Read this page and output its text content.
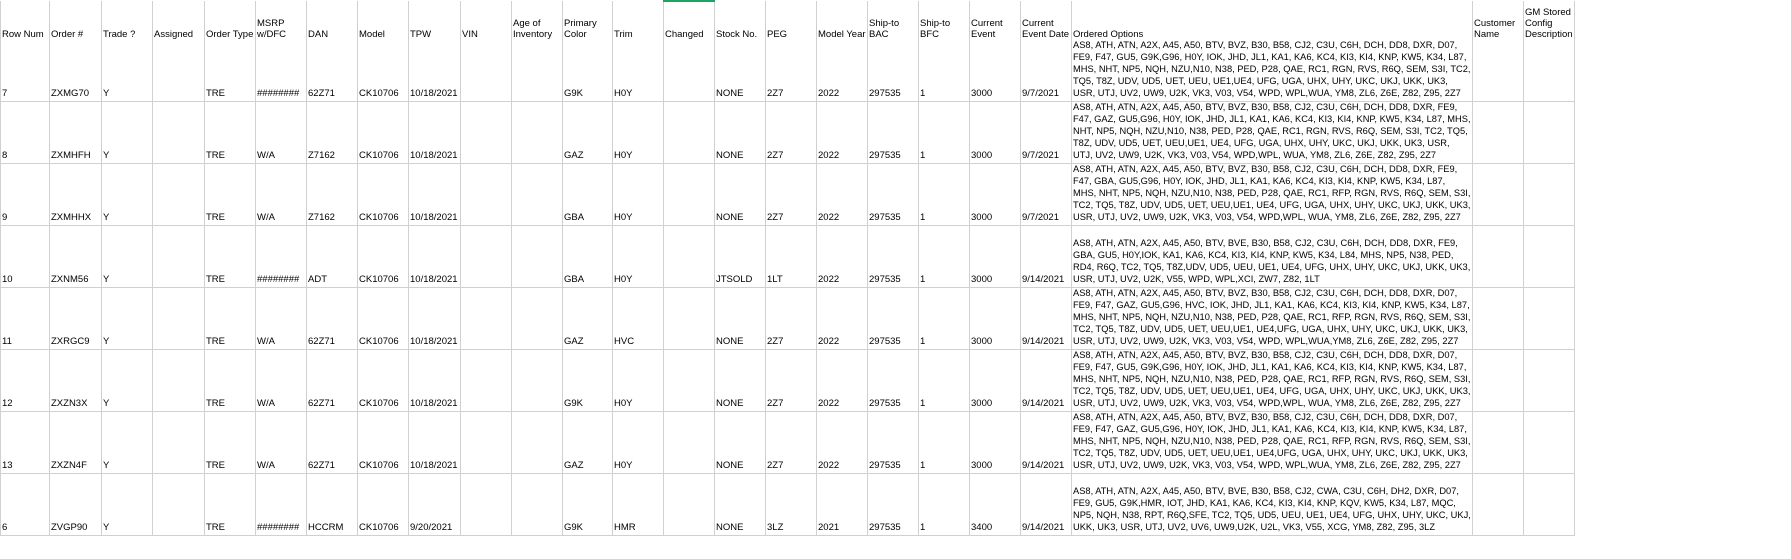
Row Num	Order #	Trade ?	Assigned	Order Type	MSRP w/DFC	DAN	Model	TPW	VIN	Age of Inventory	Primary Color	Trim	Changed	Stock No.	PEG	Model Year	Ship-to BAC	Ship-to BFC	Current Event	Current Event Date	Ordered Options	Customer Name	GM Stored Config Description
7	ZXMG70	Y		TRE	########	62Z71	CK10706	10/18/2021			G9K	H0Y		NONE	2Z7	2022	297535	1	3000	9/7/2021	AS8, ATH, ATN, A2X, A45, A50, BTV, BVZ, B30, B58, CJ2, C3U, C6H, DCH, DD8, DXR, D07, FE9, F47, GU5, G9K,G96, H0Y, IOK, JHD, JL1, KA1, KA6, KC4, KI3, KI4, KNP, KW5, K34, L87, MHS, NHT, NP5, NQH, NZU,N10, N38, PED, P28, QAE, RC1, RGN, RVS, R6Q, SEM, S3I, TC2, TQ5, T8Z, UDV, UD5, UET, UEU, UE1,UE4, UFG, UGA, UHX, UHY, UKC, UKJ, UKK, UK3, USR, UTJ, UV2, UW9, U2K, VK3, V03, V54, WPD, WPL,WUA, YM8, ZL6, Z6E, Z82, Z95, 2Z7		
8	ZXMHFH	Y		TRE	W/A	Z7162	CK10706	10/18/2021			GAZ	H0Y		NONE	2Z7	2022	297535	1	3000	9/7/2021	AS8, ATH, ATN, A2X, A45, A50, BTV, BVZ, B30, B58, CJ2, C3U, C6H, DCH, DD8, DXR, FE9, F47, GAZ, GU5,G96, H0Y, IOK, JHD, JL1, KA1, KA6, KC4, KI3, KI4, KNP, KW5, K34, L87, MHS, NHT, NP5, NQH, NZU,N10, N38, PED, P28, QAE, RC1, RGN, RVS, R6Q, SEM, S3I, TC2, TQ5, T8Z, UDV, UD5, UET, UEU,UE1, UE4, UFG, UGA, UHX, UHY, UKC, UKJ, UKK, UK3, USR, UTJ, UV2, UW9, U2K, VK3, V03, V54, WPD,WPL, WUA, YM8, ZL6, Z6E, Z82, Z95, 2Z7		
9	ZXMHHX	Y		TRE	W/A	Z7162	CK10706	10/18/2021			GBA	H0Y		NONE	2Z7	2022	297535	1	3000	9/7/2021	AS8, ATH, ATN, A2X, A45, A50, BTV, BVZ, B30, B58, CJ2, C3U, C6H, DCH, DD8, DXR, FE9, F47, GBA, GU5,G96, H0Y, IOK, JHD, JL1, KA1, KA6, KC4, KI3, KI4, KNP, KW5, K34, L87, MHS, NHT, NP5, NQH, NZU,N10, N38, PED, P28, QAE, RC1, RFP, RGN, RVS, R6Q, SEM, S3I, TC2, TQ5, T8Z, UDV, UD5, UET, UEU,UE1, UE4, UFG, UGA, UHX, UHY, UKC, UKJ, UKK, UK3, USR, UTJ, UV2, UW9, U2K, VK3, V03, V54, WPD,WPL, WUA, YM8, ZL6, Z6E, Z82, Z95, 2Z7		
10	ZXNM56	Y		TRE	########	ADT	CK10706	10/18/2021			GBA	H0Y		JTSOLD	1LT	2022	297535	1	3000	9/14/2021	AS8, ATH, ATN, A2X, A45, A50, BTV, BVE, B30, B58, CJ2, C3U, C6H, DCH, DD8, DXR, FE9, GBA, GU5, H0Y,IOK, KA1, KA6, KC4, KI3, KI4, KNP, KW5, K34, L84, MHS, NP5, N38, PED, RD4, R6Q, TC2, TQ5, T8Z,UDV, UD5, UEU, UE1, UE4, UFG, UHX, UHY, UKC, UKJ, UKK, UK3, USR, UTJ, UV2, U2K, V55, WPD, WPL,XCI, ZW7, Z82, 1LT		
11	ZXRGC9	Y		TRE	W/A	62Z71	CK10706	10/18/2021			GAZ	HVC		NONE	2Z7	2022	297535	1	3000	9/14/2021	AS8, ATH, ATN, A2X, A45, A50, BTV, BVZ, B30, B58, CJ2, C3U, C6H, DCH, DD8, DXR, D07, FE9, F47, GAZ, GU5,G96, HVC, IOK, JHD, JL1, KA1, KA6, KC4, KI3, KI4, KNP, KW5, K34, L87, MHS, NHT, NP5, NQH, NZU,N10, N38, PED, P28, QAE, RC1, RFP, RGN, RVS, R6Q, SEM, S3I, TC2, TQ5, T8Z, UDV, UD5, UET, UEU,UE1, UE4,UFG, UGA, UHX, UHY, UKC, UKJ, UKK, UK3, USR, UTJ, UV2, UW9, U2K, VK3, V03, V54, WPD, WPL,WUA,YM8, ZL6, Z6E, Z82, Z95, 2Z7		
12	ZXZN3X	Y		TRE	W/A	62Z71	CK10706	10/18/2021			G9K	H0Y		NONE	2Z7	2022	297535	1	3000	9/14/2021	AS8, ATH, ATN, A2X, A45, A50, BTV, BVZ, B30, B58, CJ2, C3U, C6H, DCH, DD8, DXR, D07, FE9, F47, GU5, G9K,G96, H0Y, IOK, JHD, JL1, KA1, KA6, KC4, KI3, KI4, KNP, KW5, K34, L87, MHS, NHT, NP5, NQH, NZU,N10, N38, PED, P28, QAE, RC1, RFP, RGN, RVS, R6Q, SEM, S3I, TC2, TQ5, T8Z, UDV, UD5, UET, UEU,UE1, UE4, UFG, UGA, UHX, UHY, UKC, UKJ, UKK, UK3, USR, UTJ, UV2, UW9, U2K, VK3, V03, V54, WPD,WPL, WUA, YM8, ZL6, Z6E, Z82, Z95, 2Z7		
13	ZXZN4F	Y		TRE	W/A	62Z71	CK10706	10/18/2021			GAZ	H0Y		NONE	2Z7	2022	297535	1	3000	9/14/2021	AS8, ATH, ATN, A2X, A45, A50, BTV, BVZ, B30, B58, CJ2, C3U, C6H, DCH, DD8, DXR, D07, FE9, F47, GAZ, GU5,G96, H0Y, IOK, JHD, JL1, KA1, KA6, KC4, KI3, KI4, KNP, KW5, K34, L87, MHS, NHT, NP5, NQH, NZU,N10, N38, PED, P28, QAE, RC1, RFP, RGN, RVS, R6Q, SEM, S3I, TC2, TQ5, T8Z, UDV, UD5, UET, UEU,UE1, UE4,UFG, UGA, UHX, UHY, UKC, UKJ, UKK, UK3, USR, UTJ, UV2, UW9, U2K, VK3, V03, V54, WPD, WPL,WUA, YM8, ZL6, Z6E, Z82, Z95, 2Z7		
6	ZVGP90	Y		TRE	########	HCCRM	CK10706	9/20/2021			G9K	HMR		NONE	3LZ	2021	297535	1	3400	9/14/2021	AS8, ATH, ATN, A2X, A45, A50, BTV, BVE, B30, B58, CJ2, CWA, C3U, C6H, DH2, DXR, D07, FE9, GU5, G9K,HMR, IOT, JHD, KA1, KA6, KC4, KI3, KI4, KNP, KQV, KW5, K34, L87, MQC, NP5, NQH, N38, RPT, R6Q,SFE, TC2, TQ5, UD5, UEU, UE1, UE4, UFG, UHX, UHY, UKC, UKJ, UKK, UK3, USR, UTJ, UV2, UV6, UW9,U2K, U2L, VK3, V55, XCG, YM8, Z82, Z95, 3LZ		
